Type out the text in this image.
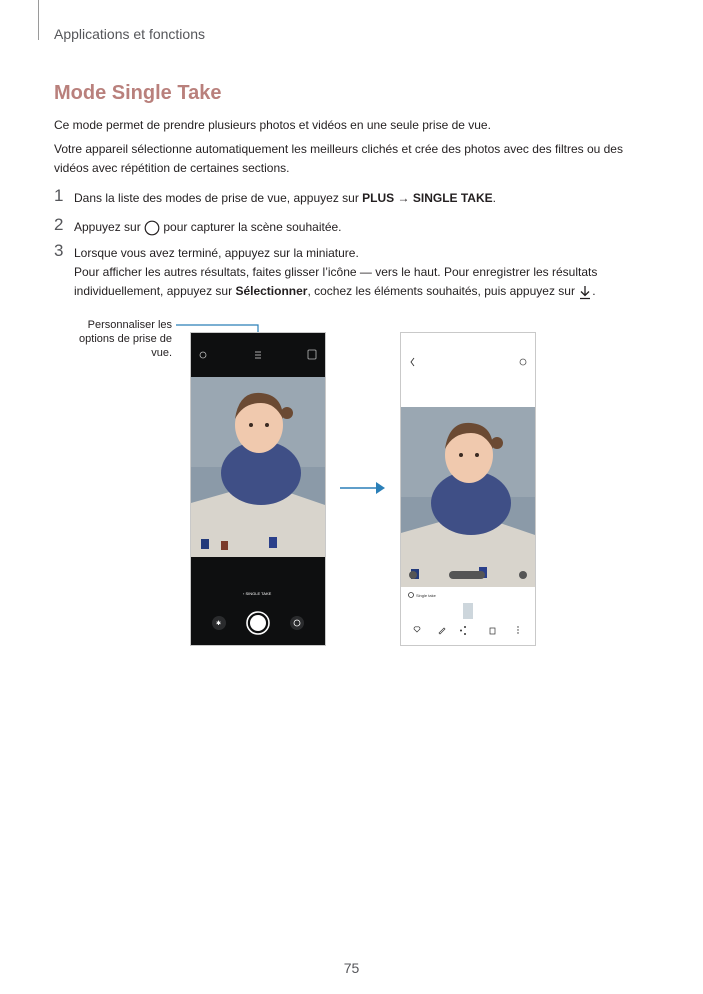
Applications et fonctions
Mode Single Take

Ce mode permet de prendre plusieurs photos et vidéos en une seule prise de vue.

Votre appareil sélectionne automatiquement les meilleurs clichés et crée des photos avec des filtres ou des vidéos avec répétition de certaines sections.

1 Dans la liste des modes de prise de vue, appuyez sur PLUS → SINGLE TAKE.
2 Appuyez sur  pour capturer la scène souhaitée.
3 Lorsque vous avez terminé, appuyez sur la miniature.
Pour afficher les autres résultats, faites glisser l’icône — vers le haut. Pour enregistrer les résultats individuellement, appuyez sur Sélectionner, cochez les éléments souhaités, puis appuyez sur .
Personnaliser les options de prise de vue.
‹ SINGLE TAKE
✱
Single take
75
